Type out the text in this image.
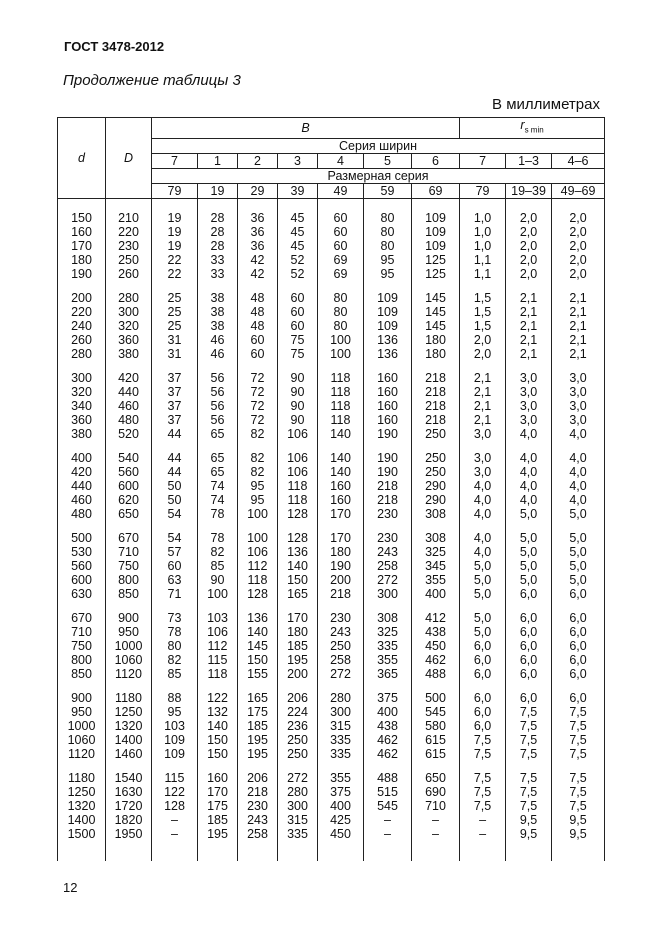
ГОСТ 3478-2012
Продолжение таблицы 3
В миллиметрах
d	D	B							$r_{s min}$
		Серия ширин									
		7	1	2	3	4	5	6	7	1–3	4–6
		Размерная серия									
		79	19	29	39	49	59	69	79	19–39	49–69

150	210	19	28	36	45	60	80	109	1,0	2,0	2,0
160	220	19	28	36	45	60	80	109	1,0	2,0	2,0
170	230	19	28	36	45	60	80	109	1,0	2,0	2,0
180	250	22	33	42	52	69	95	125	1,1	2,0	2,0
190	260	22	33	42	52	69	95	125	1,1	2,0	2,0

200	280	25	38	48	60	80	109	145	1,5	2,1	2,1
220	300	25	38	48	60	80	109	145	1,5	2,1	2,1
240	320	25	38	48	60	80	109	145	1,5	2,1	2,1
260	360	31	46	60	75	100	136	180	2,0	2,1	2,1
280	380	31	46	60	75	100	136	180	2,0	2,1	2,1

300	420	37	56	72	90	118	160	218	2,1	3,0	3,0
320	440	37	56	72	90	118	160	218	2,1	3,0	3,0
340	460	37	56	72	90	118	160	218	2,1	3,0	3,0
360	480	37	56	72	90	118	160	218	2,1	3,0	3,0
380	520	44	65	82	106	140	190	250	3,0	4,0	4,0

400	540	44	65	82	106	140	190	250	3,0	4,0	4,0
420	560	44	65	82	106	140	190	250	3,0	4,0	4,0
440	600	50	74	95	118	160	218	290	4,0	4,0	4,0
460	620	50	74	95	118	160	218	290	4,0	4,0	4,0
480	650	54	78	100	128	170	230	308	4,0	5,0	5,0

500	670	54	78	100	128	170	230	308	4,0	5,0	5,0
530	710	57	82	106	136	180	243	325	4,0	5,0	5,0
560	750	60	85	112	140	190	258	345	5,0	5,0	5,0
600	800	63	90	118	150	200	272	355	5,0	5,0	5,0
630	850	71	100	128	165	218	300	400	5,0	6,0	6,0

670	900	73	103	136	170	230	308	412	5,0	6,0	6,0
710	950	78	106	140	180	243	325	438	5,0	6,0	6,0
750	1000	80	112	145	185	250	335	450	6,0	6,0	6,0
800	1060	82	115	150	195	258	355	462	6,0	6,0	6,0
850	1120	85	118	155	200	272	365	488	6,0	6,0	6,0

900	1180	88	122	165	206	280	375	500	6,0	6,0	6,0
950	1250	95	132	175	224	300	400	545	6,0	7,5	7,5
1000	1320	103	140	185	236	315	438	580	6,0	7,5	7,5
1060	1400	109	150	195	250	335	462	615	7,5	7,5	7,5
1120	1460	109	150	195	250	335	462	615	7,5	7,5	7,5

1180	1540	115	160	206	272	355	488	650	7,5	7,5	7,5
1250	1630	122	170	218	280	375	515	690	7,5	7,5	7,5
1320	1720	128	175	230	300	400	545	710	7,5	7,5	7,5
1400	1820	–	185	243	315	425	–	–	–	9,5	9,5
1500	1950	–	195	258	335	450	–	–	–	9,5	9,5

12
